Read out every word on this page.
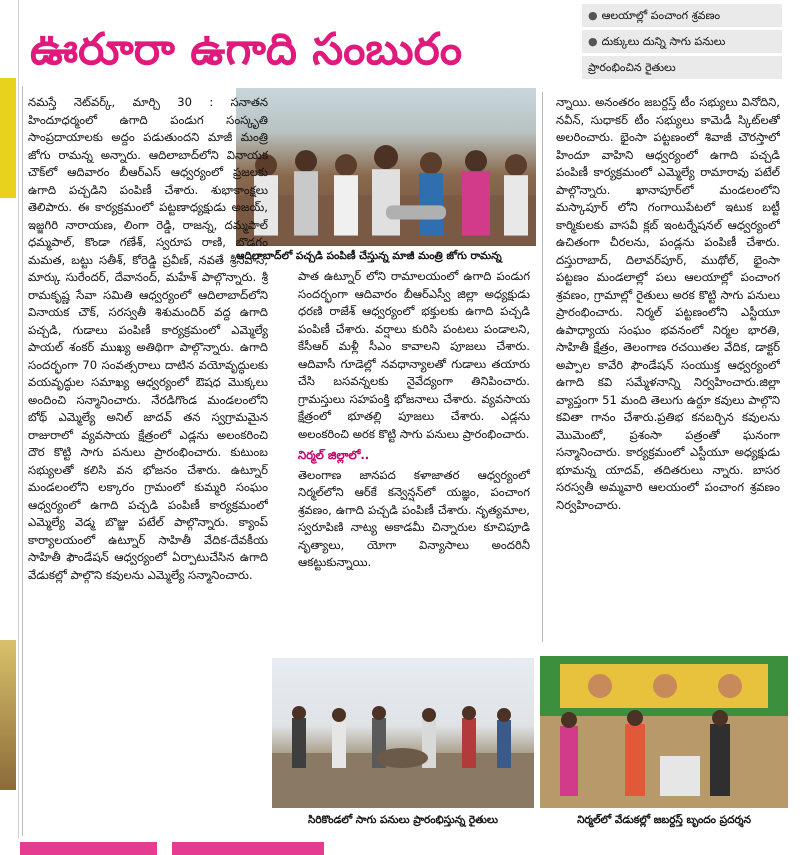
ఊరూరా ఉగాది సంబురం
● ఆలయాల్లో పంచాంగ శ్రవణం
● దుక్కులు దున్ని సాగు పనులు
ప్రారంభించిన రైతులు
ఆదిలాబాద్‌లో పచ్చడి పంపిణీ చేస్తున్న మాజీ మంత్రి జోగు రామన్న

నమస్తే నెట్‌వర్క్‌, మార్చి 30 : సనాతన హిందూధర్మంలో ఉగాది పండుగ సంస్కృతి సాంప్రదాయాలకు అద్దం పడుతుందని మాజీ మంత్రి జోగు రామన్న అన్నారు. ఆదిలాబాద్‌లోని వినాయక చౌక్‌లో ఆదివారం బీఆర్‌ఎస్‌ ఆధ్వర్యంలో ప్రజలకు ఉగాది పచ్చడిని పంపిణీ చేశారు. శుభాకాంక్షలు తెలిపారు. ఈ కార్యక్రమంలో పట్టణాధ్యక్షుడు అజయ్‌, ఇజ్జగిరి నారాయణ, లింగా రెడ్డి, రాజన్న, దమ్మపాల్‌ ధమ్మపాల్‌, కొండా గణేశ్‌, స్వరూప రాణి, బొడగం మమత, బట్టు సతీశ్‌, కోరెడ్డి ప్రవీణ్‌, నవతే శ్రీనివాస్‌, మార్కు సురేందర్‌, దేవానంద్‌, మహేశ్‌ పాల్గొన్నారు. శ్రీ రామకృష్ణ సేవా సమితి ఆధ్వర్యంలో ఆదిలాబాద్‌లోని వినాయక చౌక్‌, సరస్వతీ శిశుమందిర్‌ వద్ద ఉగాది పచ్చడి, గుడాలు పంపిణీ కార్యక్రమంలో ఎమ్మెల్యే పాయల్‌ శంకర్‌ ముఖ్య అతిథిగా పాల్గొన్నారు. ఉగాది సందర్భంగా 70 సంవత్సరాలు దాటిన వయోవృద్ధులకు వయవృద్ధుల సమాఖ్య ఆధ్వర్యంలో ఔషధ మొక్కలు అందించి సన్మానించారు. నేరడిగొండ మండలంలోని బోథ్‌ ఎమ్మెల్యే అనిల్‌ జాదవ్‌ తన స్వగ్రామమైన రాజురాలో వ్యవసాయ క్షేత్రంలో ఎడ్లను అలంకరించి దౌర కొట్టి సాగు పనులు ప్రారంభించారు. కుటుంబ సభ్యులతో కలిసి వన భోజనం చేశారు. ఉట్నూర్‌ మండలంలోని లక్కారం గ్రామంలో కుమ్మరి సంఘం ఆధ్వర్యంలో ఉగాది పచ్చడి పంపిణీ కార్యక్రమంలో ఎమ్మెల్యే వెడ్మ బొజ్జు పటేల్‌ పాల్గొన్నారు. క్యాంప్‌ కార్యాలయంలో ఉట్నూర్‌ సాహితీ వేదిక-దేవకీయ సాహితీ ఫౌండేషన్‌ ఆధ్వర్యంలో ఏర్పాటుచేసిన ఉగాది వేడుకల్లో పాల్గొని కవులను ఎమ్మెల్యే సన్మానించారు.

పాత ఉట్నూర్‌ లోని రామాలయంలో ఉగాది పండుగ సందర్భంగా ఆదివారం బీఆర్‌ఎస్వీ జిల్లా అధ్యక్షుడు ధరణి రాజేశ్‌ ఆధ్వర్యంలో భక్తులకు ఉగాది పచ్చడి పంపిణీ చేశారు. వర్షాలు కురిసి పంటలు పండాలని, కేసీఆర్‌ మళ్లీ సీఎం కావాలని పూజలు చేశారు. ఆదివాసీ గూడెల్లో నవధాన్యాలతో గుడాలు తయారు చేసి బసవన్నలకు నైవేద్యంగా తినిపించారు. గ్రామస్తులు సహపంక్తి భోజనాలు చేశారు. వ్యవసాయ క్షేత్రంలో భూతల్లి పూజలు చేశారు. ఎడ్లను అలంకరించి అరక కొట్టి సాగు పనులు ప్రారంభించారు.

నిర్మల్‌ జిల్లాలో..

తెలంగాణ జానపద కళాజాతర ఆధ్వర్యంలో నిర్మల్‌లోని ఆర్‌కే కన్వెన్షన్‌లో యజ్ఞం, పంచాంగ శ్రవణం, ఉగాది పచ్చడి పంపిణీ చేశారు. నృత్యమాల, స్వరూపిణి నాట్య అకాడమీ చిన్నారుల కూచిపూడి నృత్యాలు, యోగా విన్యాసాలు అందరినీ ఆకట్టుకున్నాయి.

న్నాయి. అనంతరం జబర్దస్త్‌ టీం సభ్యులు వినోదిని, నవీన్‌, సుధాకర్‌ టీం సభ్యులు కామెడీ స్కిట్‌లతో అలరించారు. భైంసా పట్టణంలో శివాజీ చౌరస్తాలో హిందూ వాహిని ఆధ్వర్యంలో ఉగాది పచ్చడి పంపిణీ కార్యక్రమంలో ఎమ్మెల్యే రామారావు పటేల్‌ పాల్గొన్నారు. ఖానాపూర్‌లో మండలంలోని మస్కాపూర్‌ లోని గంగాయిపేటలో ఇటుక బట్టీ కార్మికులకు వాసవీ క్లబ్‌ ఇంటర్నేషనల్‌ ఆధ్వర్యంలో ఉచితంగా చీరలను, పండ్లను పంపిణీ చేశారు. దస్తురాబాద్‌, దిలావర్‌పూర్‌, ముథోల్‌, భైంసా పట్టణం మండలాల్లో పలు ఆలయాల్లో పంచాంగ శ్రవణం, గ్రామాల్లో రైతులు అరక కొట్టి సాగు పనులు ప్రారంభించారు. నిర్మల్‌ పట్టణంలోని ఎస్టీయూ ఉపాధ్యాయ సంఘం భవనంలో నిర్మల భారతి, సాహితీ క్షేత్రం, తెలంగాణ రచయితల వేదిక, డాక్టర్‌ అప్పాల కావేరి ఫౌండేషన్‌ సంయుక్త ఆధ్వర్యంలో ఉగాది కవి సమ్మేళనాన్ని నిర్వహించారు.జిల్లా వ్యాప్తంగా 51 మంది తెలుగు ఉర్దూ కవులు పాల్గొని కవితా గానం చేశారు.ప్రతిభ కనబర్చిన కవులను మొమెంటో, ప్రశంసా పత్రంతో ఘనంగా సన్మానించారు. కార్యక్రమంలో ఎస్టీయూ అధ్యక్షుడు భూమన్న యాదవ్‌, తదితరులు న్నారు. బాసర సరస్వతీ అమ్మవారి ఆలయంలో పంచాంగ శ్రవణం నిర్వహించారు.

సిరికొండలో సాగు పనులు ప్రారంభిస్తున్న రైతులు	నిర్మల్‌లో వేడుకల్లో జబర్దస్త్‌ బృందం ప్రదర్శన
